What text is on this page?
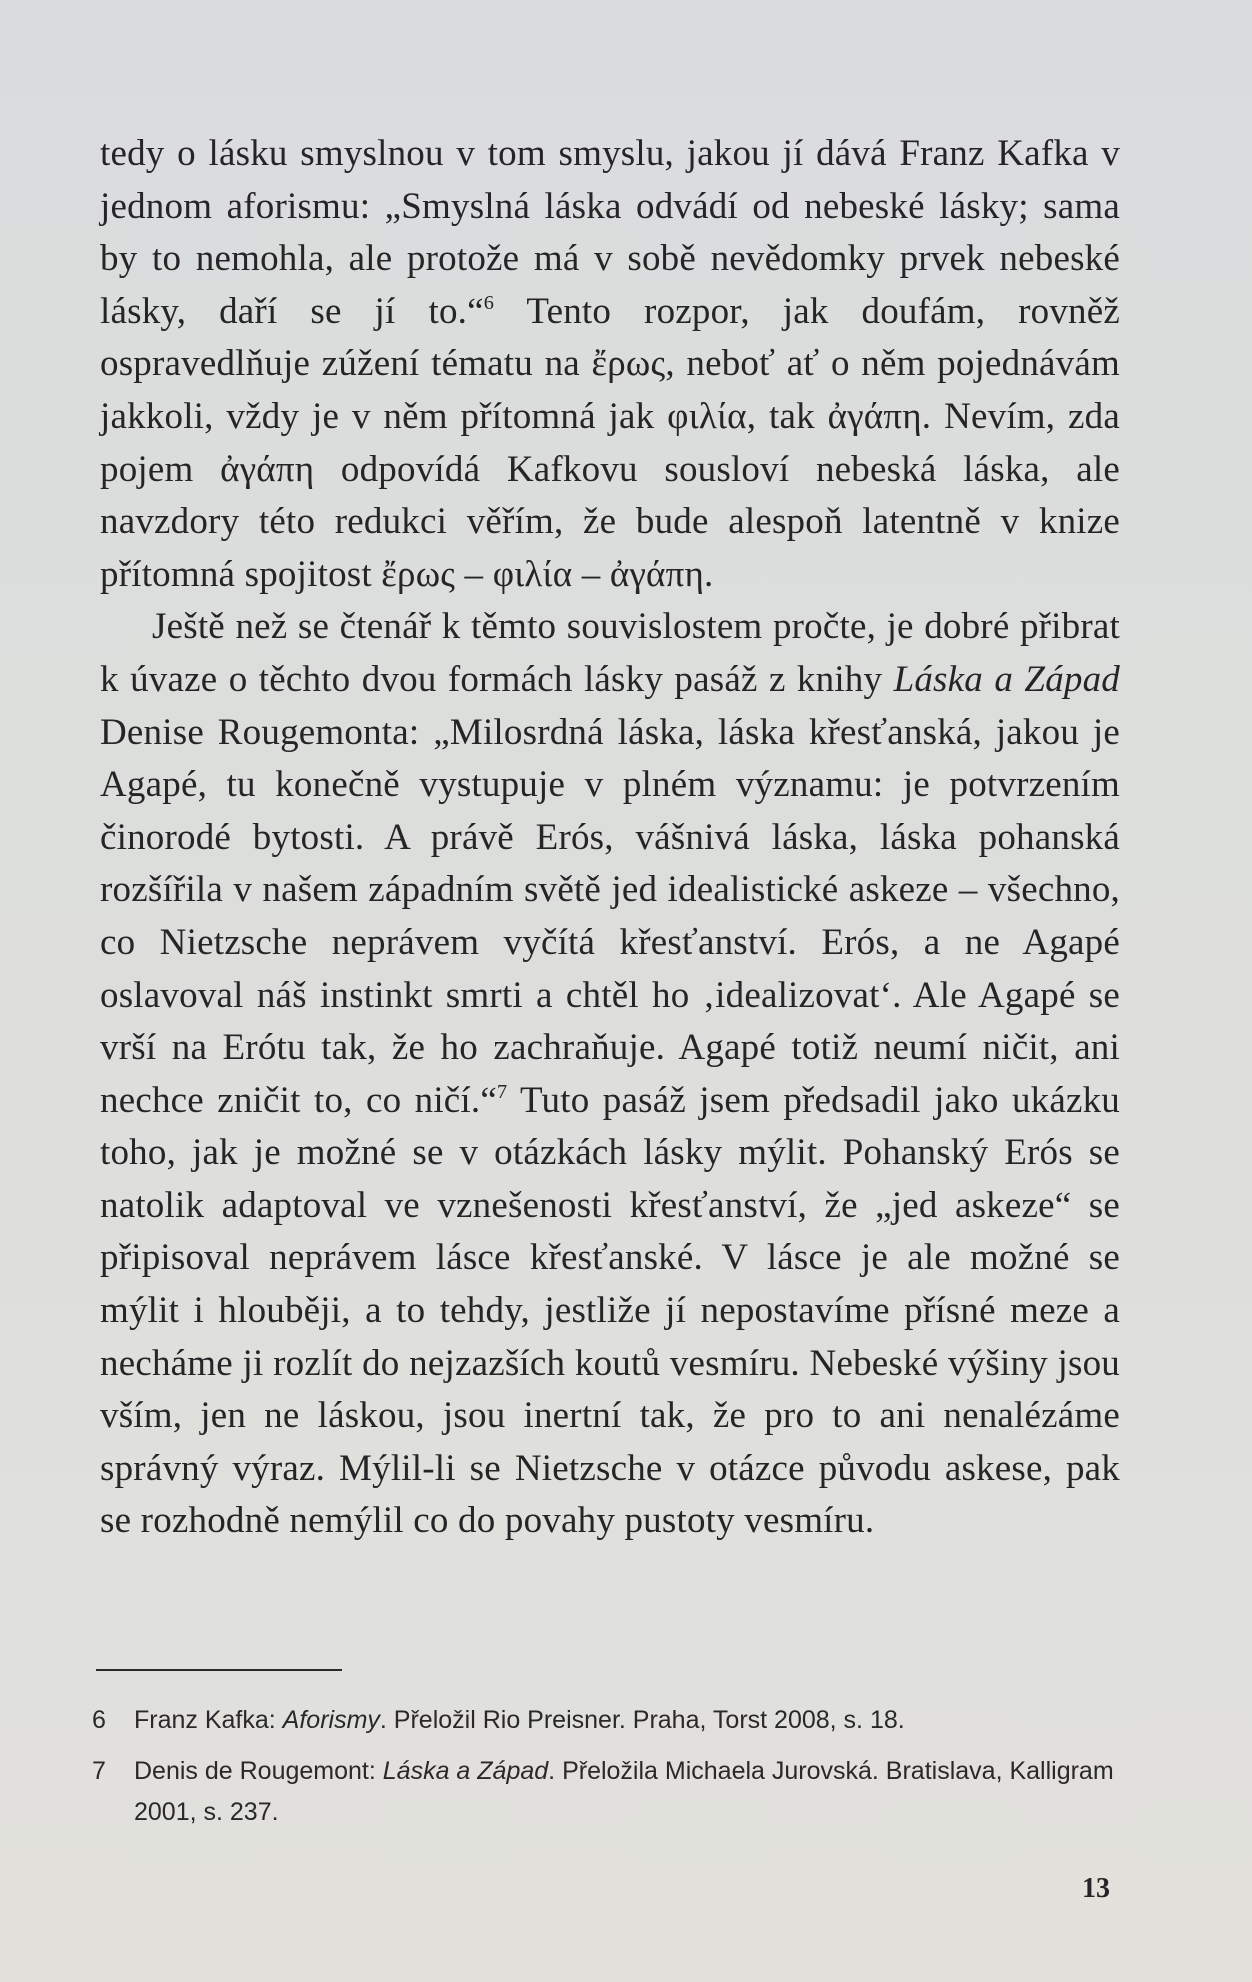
tedy o lásku smyslnou v tom smyslu, jakou jí dává Franz Kafka v jednom aforismu: „Smyslná láska odvádí od nebeské lásky; sama by to nemohla, ale protože má v sobě nevědomky prvek nebeské lásky, daří se jí to.“$^6$ Tento rozpor, jak doufám, rovněž ospravedlňuje zúžení tématu na ἔρως, neboť ať o něm pojednávám jakkoli, vždy je v něm přítomná jak φιλία, tak ἀγάπη. Nevím, zda pojem ἀγάπη odpovídá Kafkovu sousloví nebeská láska, ale navzdory této redukci věřím, že bude alespoň latentně v knize přítomná spojitost ἔρως – φιλία – ἀγάπη.

Ještě než se čtenář k těmto souvislostem pročte, je dobré přibrat k úvaze o těchto dvou formách lásky pasáž z knihy Láska a Západ Denise Rougemonta: „Milosrdná láska, láska křesťanská, jakou je Agapé, tu konečně vystupuje v plném významu: je potvrzením činorodé bytosti. A právě Erós, vášnivá láska, láska pohanská rozšířila v našem západním světě jed idealistické askeze – všechno, co Nietzsche neprávem vyčítá křesťanství. Erós, a ne Agapé oslavoval náš instinkt smrti a chtěl ho ‚idealizovat‘. Ale Agapé se vrší na Erótu tak, že ho zachraňuje. Agapé totiž neumí ničit, ani nechce zničit to, co ničí.“$^7$ Tuto pasáž jsem předsadil jako ukázku toho, jak je možné se v otázkách lásky mýlit. Pohanský Erós se natolik adaptoval ve vznešenosti křesťanství, že „jed askeze“ se připisoval neprávem lásce křesťanské. V lásce je ale možné se mýlit i hlouběji, a to tehdy, jestliže jí nepostavíme přísné meze a necháme ji rozlít do nejzazších koutů vesmíru. Nebeské výšiny jsou vším, jen ne láskou, jsou inertní tak, že pro to ani nenalézáme správný výraz. Mýlil-li se Nietzsche v otázce původu askese, pak se rozhodně nemýlil co do povahy pustoty vesmíru.

6	Franz Kafka: Aforismy. Přeložil Rio Preisner. Praha, Torst 2008, s. 18.
7	Denis de Rougemont: Láska a Západ. Přeložila Michaela Jurovská. Bratislava, Kalligram 2001, s. 237.
13
